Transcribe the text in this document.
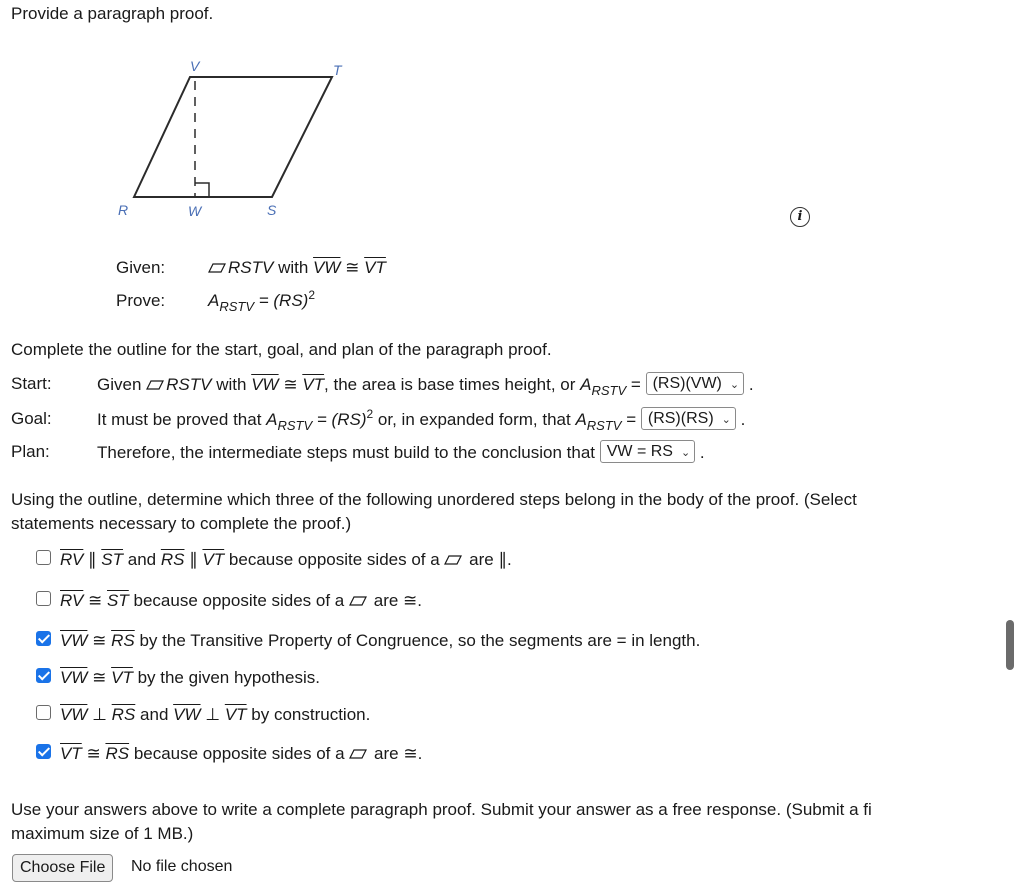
Provide a paragraph proof.
V	T
R	W	S	i
Given:	RSTV with $\overline{VW}$ ≅ $\overline{VT}$
Prove:	$A_{RSTV} = (RS)^2$
Complete the outline for the start, goal, and plan of the paragraph proof.
Start:	Given RSTV with $\overline{VW}$ ≅ $\overline{VT}$, the area is base times height, or $A_{RSTV} = (RS)(VW)$ ⌄ .
Goal:	It must be proved that $A_{RSTV} = (RS)^2$ or, in expanded form, that $A_{RSTV} = (RS)(RS)$ ⌄ .
Plan:	Therefore, the intermediate steps must build to the conclusion that VW = RS ⌄ .
Using the outline, determine which three of the following unordered steps belong in the body of the proof. (Select
statements necessary to complete the proof.)
$\overline{RV}$ ∥ $\overline{ST}$ and $\overline{RS}$ ∥ $\overline{VT}$ because opposite sides of a are ∥.
$\overline{RV}$ ≅ $\overline{ST}$ because opposite sides of a are ≅.
$\overline{VW}$ ≅ $\overline{RS}$ by the Transitive Property of Congruence, so the segments are = in length.
$\overline{VW}$ ≅ $\overline{VT}$ by the given hypothesis.
$\overline{VW}$ ⊥ $\overline{RS}$ and $\overline{VW}$ ⊥ $\overline{VT}$ by construction.
$\overline{VT}$ ≅ $\overline{RS}$ because opposite sides of a are ≅.
Use your answers above to write a complete paragraph proof. Submit your answer as a free response. (Submit a fi
maximum size of 1 MB.)
Choose File	No file chosen
